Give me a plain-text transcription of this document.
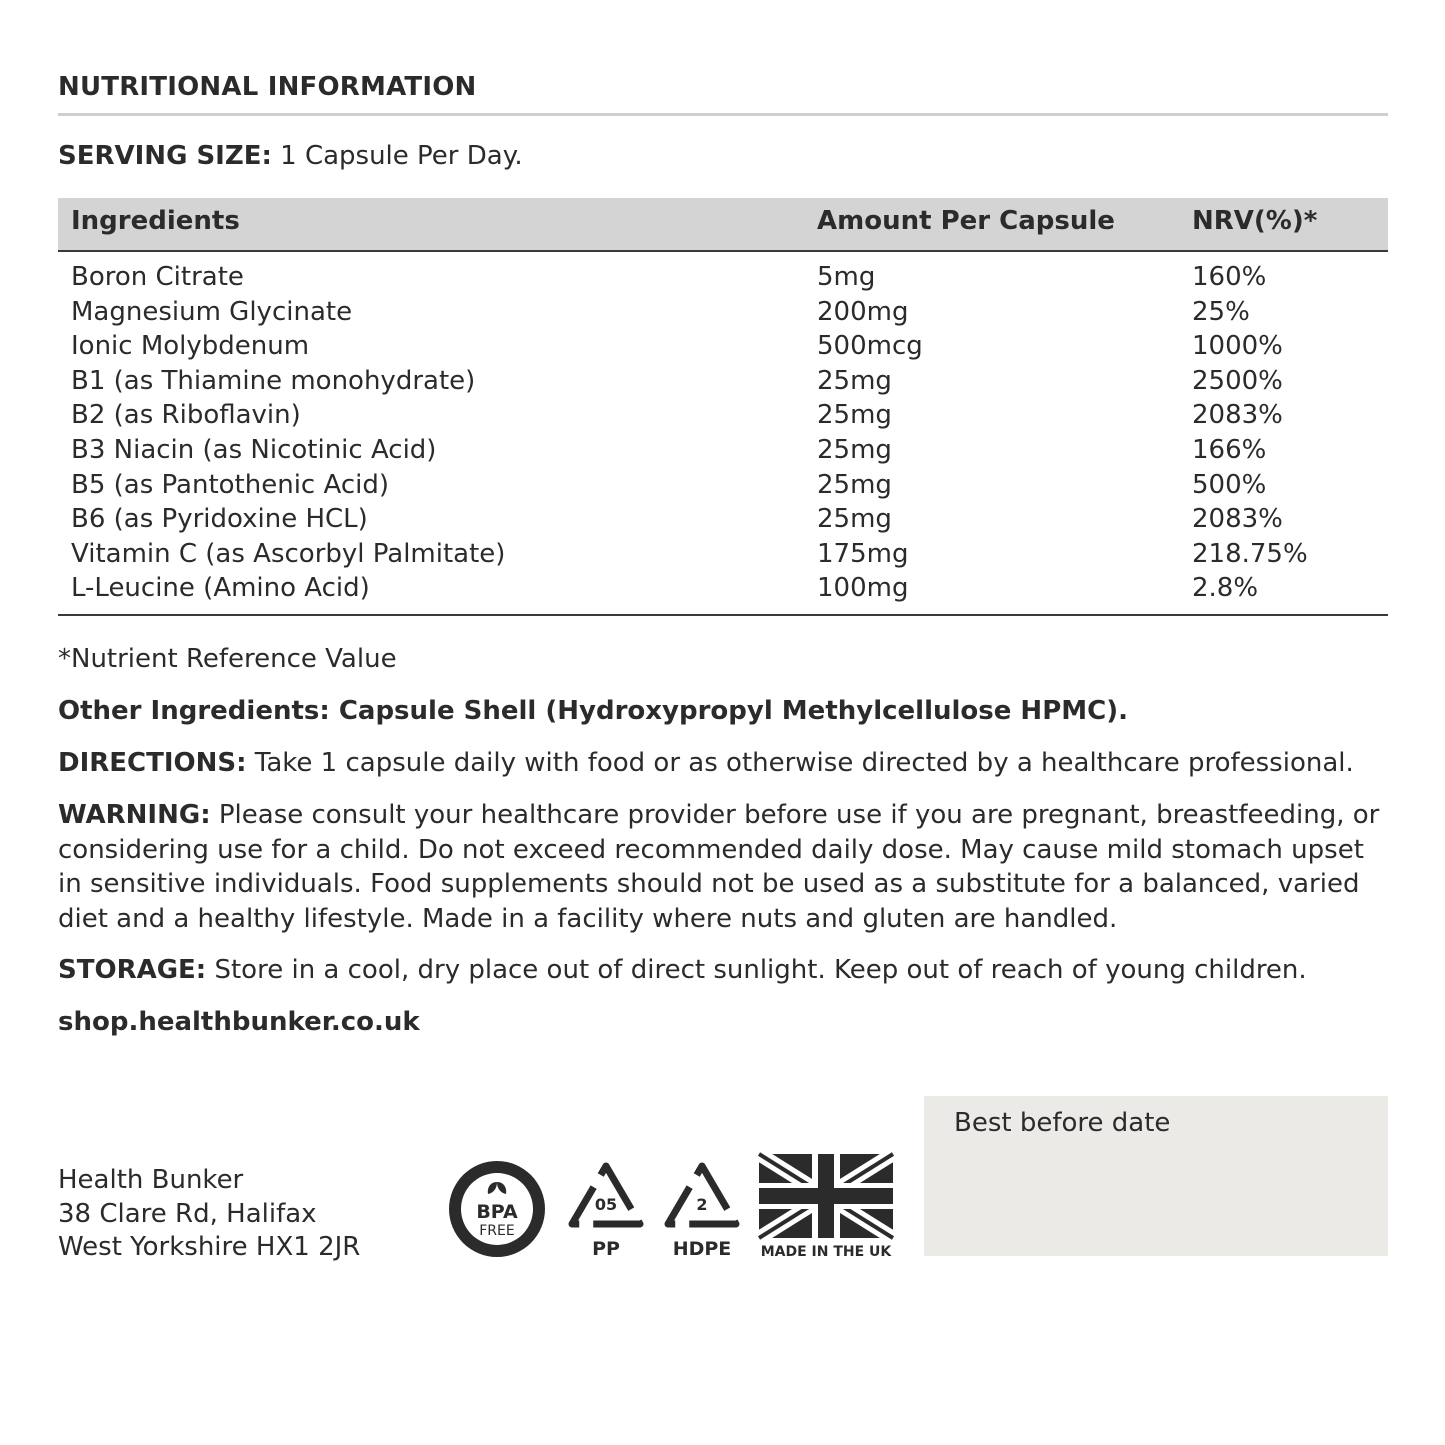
NUTRITIONAL INFORMATION
SERVING SIZE: 1 Capsule Per Day.
Ingredients	Amount Per Capsule	NRV(%)*
Boron Citrate	5mg	160%
Magnesium Glycinate	200mg	25%
Ionic Molybdenum	500mcg	1000%
B1 (as Thiamine monohydrate)	25mg	2500%
B2 (as Riboflavin)	25mg	2083%
B3 Niacin (as Nicotinic Acid)	25mg	166%
B5 (as Pantothenic Acid)	25mg	500%
B6 (as Pyridoxine HCL)	25mg	2083%
Vitamin C (as Ascorbyl Palmitate)	175mg	218.75%
L-Leucine (Amino Acid)	100mg	2.8%
*Nutrient Reference Value
Other Ingredients: Capsule Shell (Hydroxypropyl Methylcellulose HPMC).
DIRECTIONS: Take 1 capsule daily with food or as otherwise directed by a healthcare professional.
WARNING: Please consult your healthcare provider before use if you are pregnant, breastfeeding, or considering use for a child. Do not exceed recommended daily dose. May cause mild stomach upset in sensitive individuals. Food supplements should not be used as a substitute for a balanced, varied diet and a healthy lifestyle. Made in a facility where nuts and gluten are handled.
STORAGE: Store in a cool, dry place out of direct sunlight. Keep out of reach of young children.
shop.healthbunker.co.uk
Health Bunker
38 Clare Rd, Halifax
West Yorkshire HX1 2JR
BPA
FREE
05
PP
2
HDPE MADE IN THE UK
Best before date
